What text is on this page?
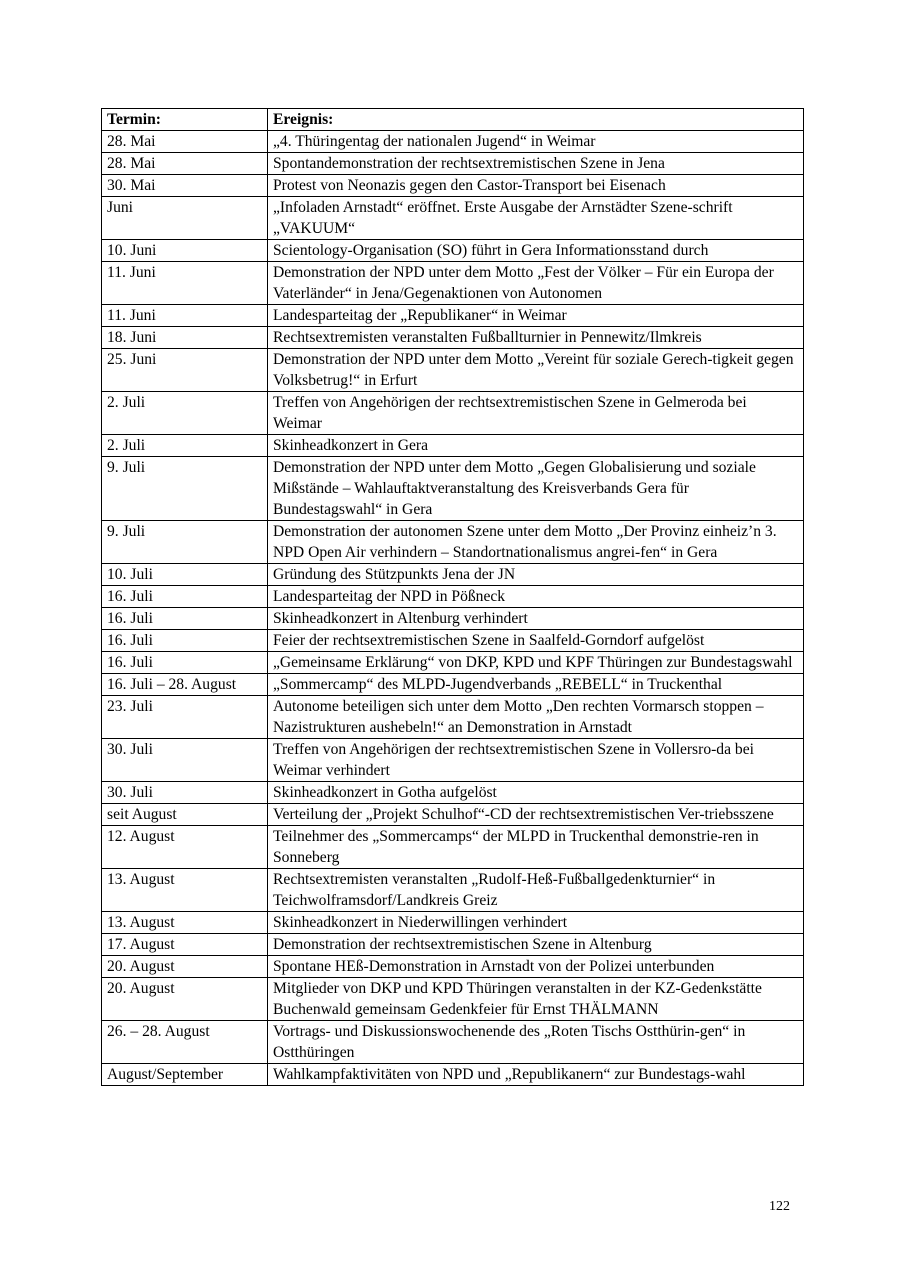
Termin:	Ereignis:
28. Mai	„4. Thüringentag der nationalen Jugend“ in Weimar
28. Mai	Spontandemonstration der rechtsextremistischen Szene in Jena
30. Mai	Protest von Neonazis gegen den Castor-Transport bei Eisenach
Juni	„Infoladen Arnstadt“ eröffnet. Erste Ausgabe der Arnstädter Szene-schrift „VAKUUM“
10. Juni	Scientology-Organisation (SO) führt in Gera Informationsstand durch
11. Juni	Demonstration der NPD unter dem Motto „Fest der Völker – Für ein Europa der Vaterländer“ in Jena/Gegenaktionen von Autonomen
11. Juni	Landesparteitag der „Republikaner“ in Weimar
18. Juni	Rechtsextremisten veranstalten Fußballturnier in Pennewitz/Ilmkreis
25. Juni	Demonstration der NPD unter dem Motto „Vereint für soziale Gerech-tigkeit gegen Volksbetrug!“ in Erfurt
2. Juli	Treffen von Angehörigen der rechtsextremistischen Szene in Gelmeroda bei Weimar
2. Juli	Skinheadkonzert in Gera
9. Juli	Demonstration der NPD unter dem Motto „Gegen Globalisierung und soziale Mißstände – Wahlauftaktveranstaltung des Kreisverbands Gera für Bundestagswahl“ in Gera
9. Juli	Demonstration der autonomen Szene unter dem Motto „Der Provinz einheiz’n 3. NPD Open Air verhindern – Standortnationalismus angrei-fen“ in Gera
10. Juli	Gründung des Stützpunkts Jena der JN
16. Juli	Landesparteitag der NPD in Pößneck
16. Juli	Skinheadkonzert in Altenburg verhindert
16. Juli	Feier der rechtsextremistischen Szene in Saalfeld-Gorndorf aufgelöst
16. Juli	„Gemeinsame Erklärung“ von DKP, KPD und KPF Thüringen zur Bundestagswahl
16. Juli – 28. August	„Sommercamp“ des MLPD-Jugendverbands „REBELL“ in Truckenthal
23. Juli	Autonome beteiligen sich unter dem Motto „Den rechten Vormarsch stoppen – Nazistrukturen aushebeln!“ an Demonstration in Arnstadt
30. Juli	Treffen von Angehörigen der rechtsextremistischen Szene in Vollersro-da bei Weimar verhindert
30. Juli	Skinheadkonzert in Gotha aufgelöst
seit August	Verteilung der „Projekt Schulhof“-CD der rechtsextremistischen Ver-triebsszene
12. August	Teilnehmer des „Sommercamps“ der MLPD in Truckenthal demonstrie-ren in Sonneberg
13. August	Rechtsextremisten veranstalten „Rudolf-Heß-Fußballgedenkturnier“ in Teichwolframsdorf/Landkreis Greiz
13. August	Skinheadkonzert in Niederwillingen verhindert
17. August	Demonstration der rechtsextremistischen Szene in Altenburg
20. August	Spontane HEß-Demonstration in Arnstadt von der Polizei unterbunden
20. August	Mitglieder von DKP und KPD Thüringen veranstalten in der KZ-Gedenkstätte Buchenwald gemeinsam Gedenkfeier für Ernst THÄLMANN
26. – 28. August	Vortrags- und Diskussionswochenende des „Roten Tischs Ostthürin-gen“ in Ostthüringen
August/September	Wahlkampfaktivitäten von NPD und „Republikanern“ zur Bundestags-wahl
122
